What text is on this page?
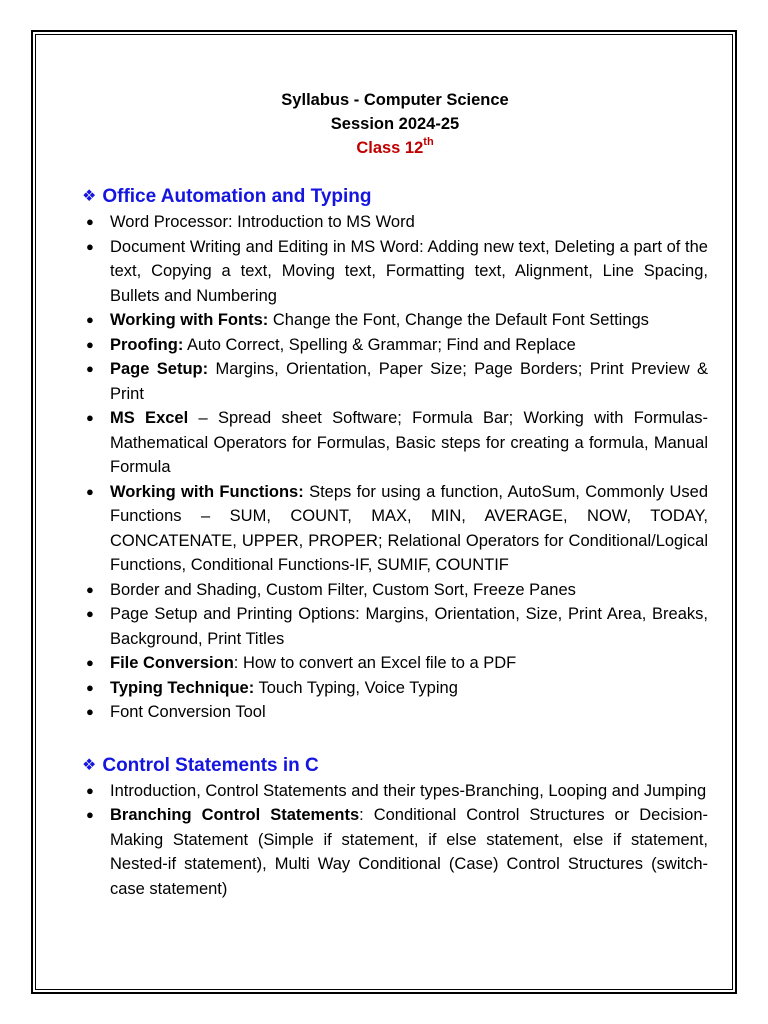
Syllabus - Computer Science
Session 2024-25
Class 12th
❖ Office Automation and Typing
● Word Processor: Introduction to MS Word
● Document Writing and Editing in MS Word: Adding new text, Deleting a part of the text, Copying a text, Moving text, Formatting text, Alignment, Line Spacing, Bullets and Numbering
● Working with Fonts: Change the Font, Change the Default Font Settings
● Proofing: Auto Correct, Spelling & Grammar; Find and Replace
● Page Setup: Margins, Orientation, Paper Size; Page Borders; Print Preview & Print
● MS Excel – Spread sheet Software; Formula Bar; Working with Formulas-Mathematical Operators for Formulas, Basic steps for creating a formula, Manual Formula
● Working with Functions: Steps for using a function, AutoSum, Commonly Used Functions – SUM, COUNT, MAX, MIN, AVERAGE, NOW, TODAY, CONCATENATE, UPPER, PROPER; Relational Operators for Conditional/Logical Functions, Conditional Functions-IF, SUMIF, COUNTIF
● Border and Shading, Custom Filter, Custom Sort, Freeze Panes
● Page Setup and Printing Options: Margins, Orientation, Size, Print Area, Breaks, Background, Print Titles
● File Conversion: How to convert an Excel file to a PDF
● Typing Technique: Touch Typing, Voice Typing
● Font Conversion Tool
❖ Control Statements in C
● Introduction, Control Statements and their types-Branching, Looping and Jumping
● Branching Control Statements: Conditional Control Structures or Decision-Making Statement (Simple if statement, if else statement, else if statement, Nested-if statement), Multi Way Conditional (Case) Control Structures (switch-case statement)
